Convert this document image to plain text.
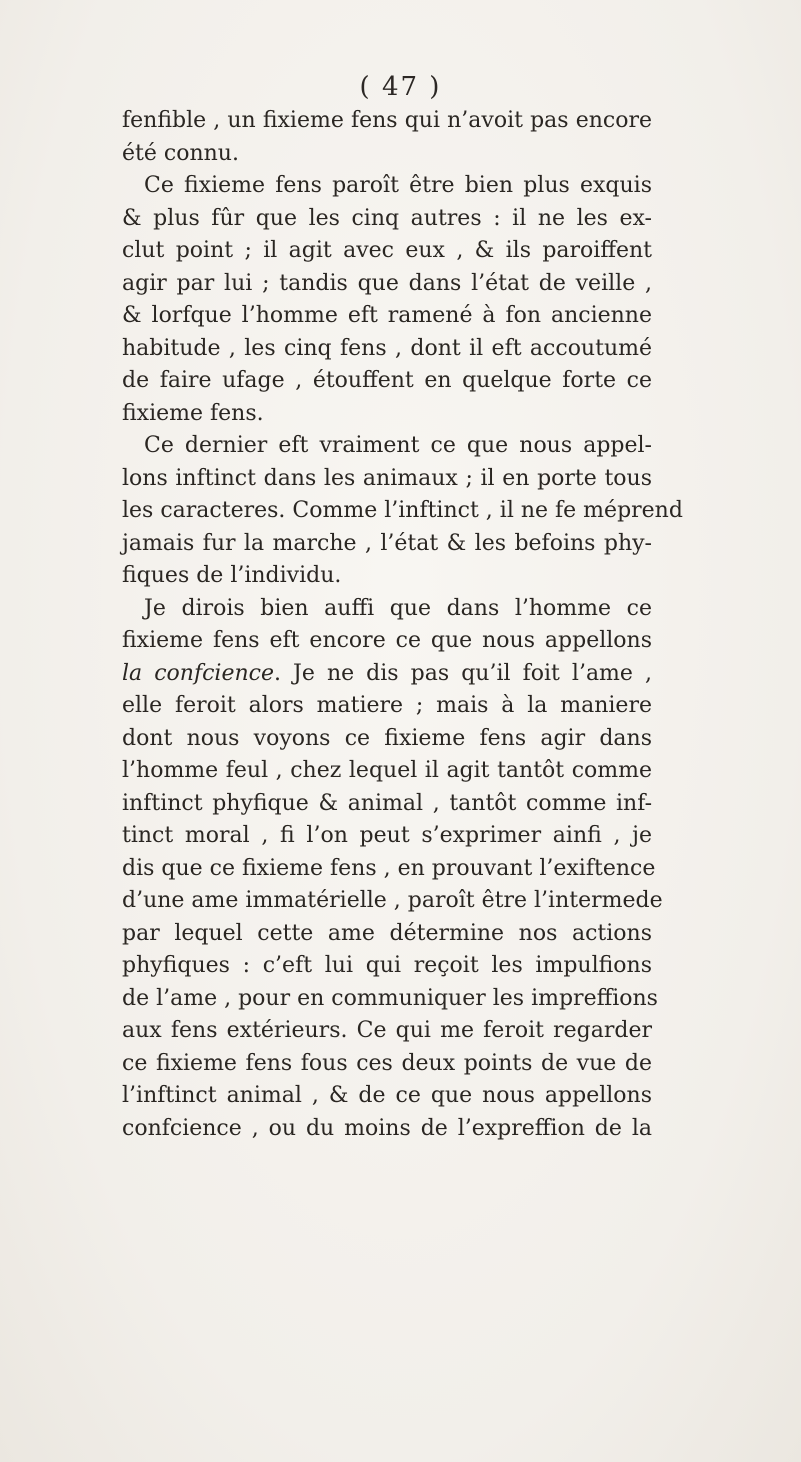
( 47 )
fenfible , un fixieme fens qui n’avoit pas encore
été connu.
Ce fixieme fens paroît être bien plus exquis
& plus fûr que les cinq autres : il ne les ex-
clut point ; il agit avec eux , & ils paroiffent
agir par lui ; tandis que dans l’état de veille ,
& lorfque l’homme eft ramené à fon ancienne
habitude , les cinq fens , dont il eft accoutumé
de faire ufage , étouffent en quelque forte ce
fixieme fens.
Ce dernier eft vraiment ce que nous appel-
lons inftinct dans les animaux ; il en porte tous
les caracteres. Comme l’inftinct , il ne fe méprend
jamais fur la marche , l’état & les befoins phy-
fiques de l’individu.
Je dirois bien auffi que dans l’homme ce
fixieme fens eft encore ce que nous appellons
la confcience. Je ne dis pas qu’il foit l’ame ,
elle feroit alors matiere ; mais à la maniere
dont nous voyons ce fixieme fens agir dans
l’homme feul , chez lequel il agit tantôt comme
inftinct phyfique & animal , tantôt comme inf-
tinct moral , fi l’on peut s’exprimer ainfi , je
dis que ce fixieme fens , en prouvant l’exiftence
d’une ame immatérielle , paroît être l’intermede
par lequel cette ame détermine nos actions
phyfiques : c’eft lui qui reçoit les impulfions
de l’ame , pour en communiquer les impreffions
aux fens extérieurs. Ce qui me feroit regarder
ce fixieme fens fous ces deux points de vue de
l’inftinct animal , & de ce que nous appellons
confcience , ou du moins de l’expreffion de la
